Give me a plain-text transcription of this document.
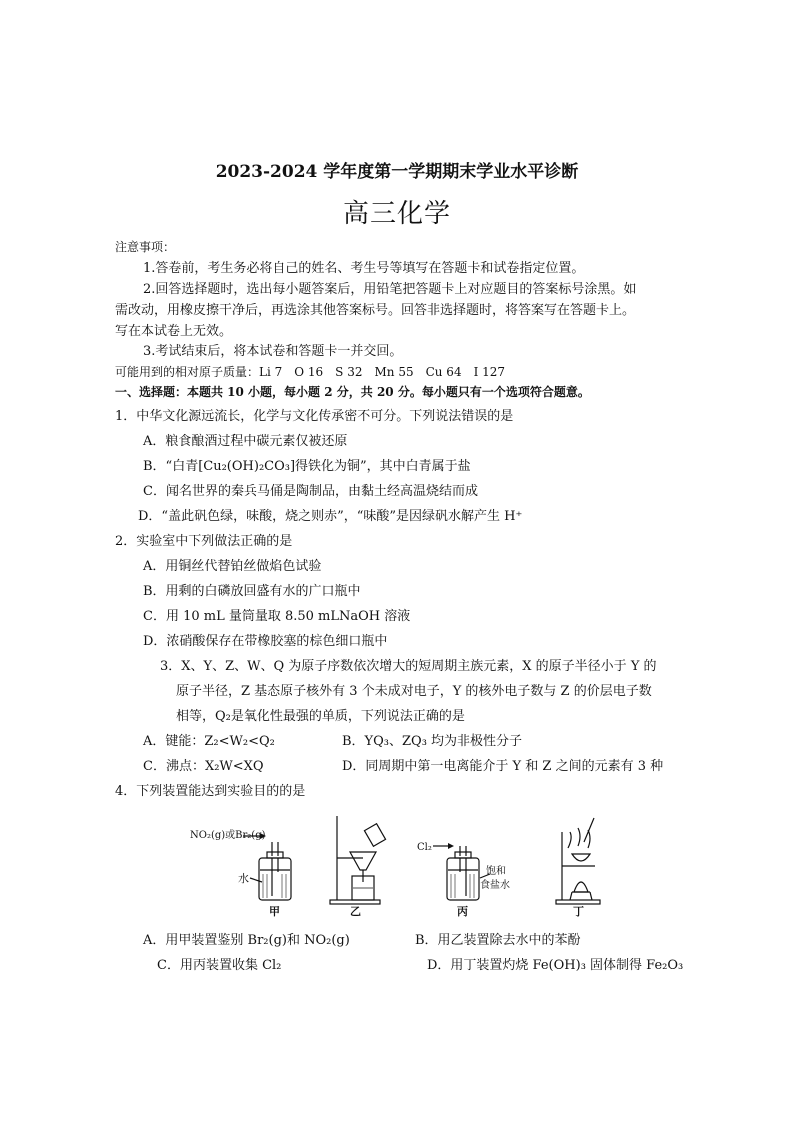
2023-2024 学年度第一学期期末学业水平诊断
高三化学
注意事项：
1.答卷前，考生务必将自己的姓名、考生号等填写在答题卡和试卷指定位置。
2.回答选择题时，选出每小题答案后，用铅笔把答题卡上对应题目的答案标号涂黑。如
需改动，用橡皮擦干净后，再选涂其他答案标号。回答非选择题时，将答案写在答题卡上。
写在本试卷上无效。
3.考试结束后，将本试卷和答题卡一并交回。
可能用到的相对原子质量：Li 7　O 16　S 32　Mn 55　Cu 64　I 127
一、选择题：本题共 10 小题，每小题 2 分，共 20 分。每小题只有一个选项符合题意。
1．中华文化源远流长，化学与文化传承密不可分。下列说法错误的是
A．粮食酿酒过程中碳元素仅被还原
B．“白青[Cu₂(OH)₂CO₃]得铁化为铜”，其中白青属于盐
C．闻名世界的秦兵马俑是陶制品，由黏土经高温烧结而成
D．“盖此矾色绿，味酸，烧之则赤”，“味酸”是因绿矾水解产生 H⁺
2．实验室中下列做法正确的是
A．用铜丝代替铂丝做焰色试验
B．用剩的白磷放回盛有水的广口瓶中
C．用 10 mL 量筒量取 8.50 mLNaOH 溶液
D．浓硝酸保存在带橡胶塞的棕色细口瓶中
3．X、Y、Z、W、Q 为原子序数依次增大的短周期主族元素，X 的原子半径小于 Y 的
原子半径，Z 基态原子核外有 3 个未成对电子，Y 的核外电子数与 Z 的价层电子数
相等，Q₂是氧化性最强的单质，下列说法正确的是
A．键能：Z₂<W₂<Q₂	B．YQ₃、ZQ₃ 均为非极性分子
C．沸点：X₂W<XQ	D．同周期中第一电离能介于 Y 和 Z 之间的元素有 3 种
4．下列装置能达到实验目的的是
NO₂(g)或Br₂(g)
水
甲	乙
Cl₂
饱和
食盐水
丙	丁
A．用甲装置鉴别 Br₂(g)和 NO₂(g)	B．用乙装置除去水中的苯酚
C．用丙装置收集 Cl₂	D．用丁装置灼烧 Fe(OH)₃ 固体制得 Fe₂O₃
